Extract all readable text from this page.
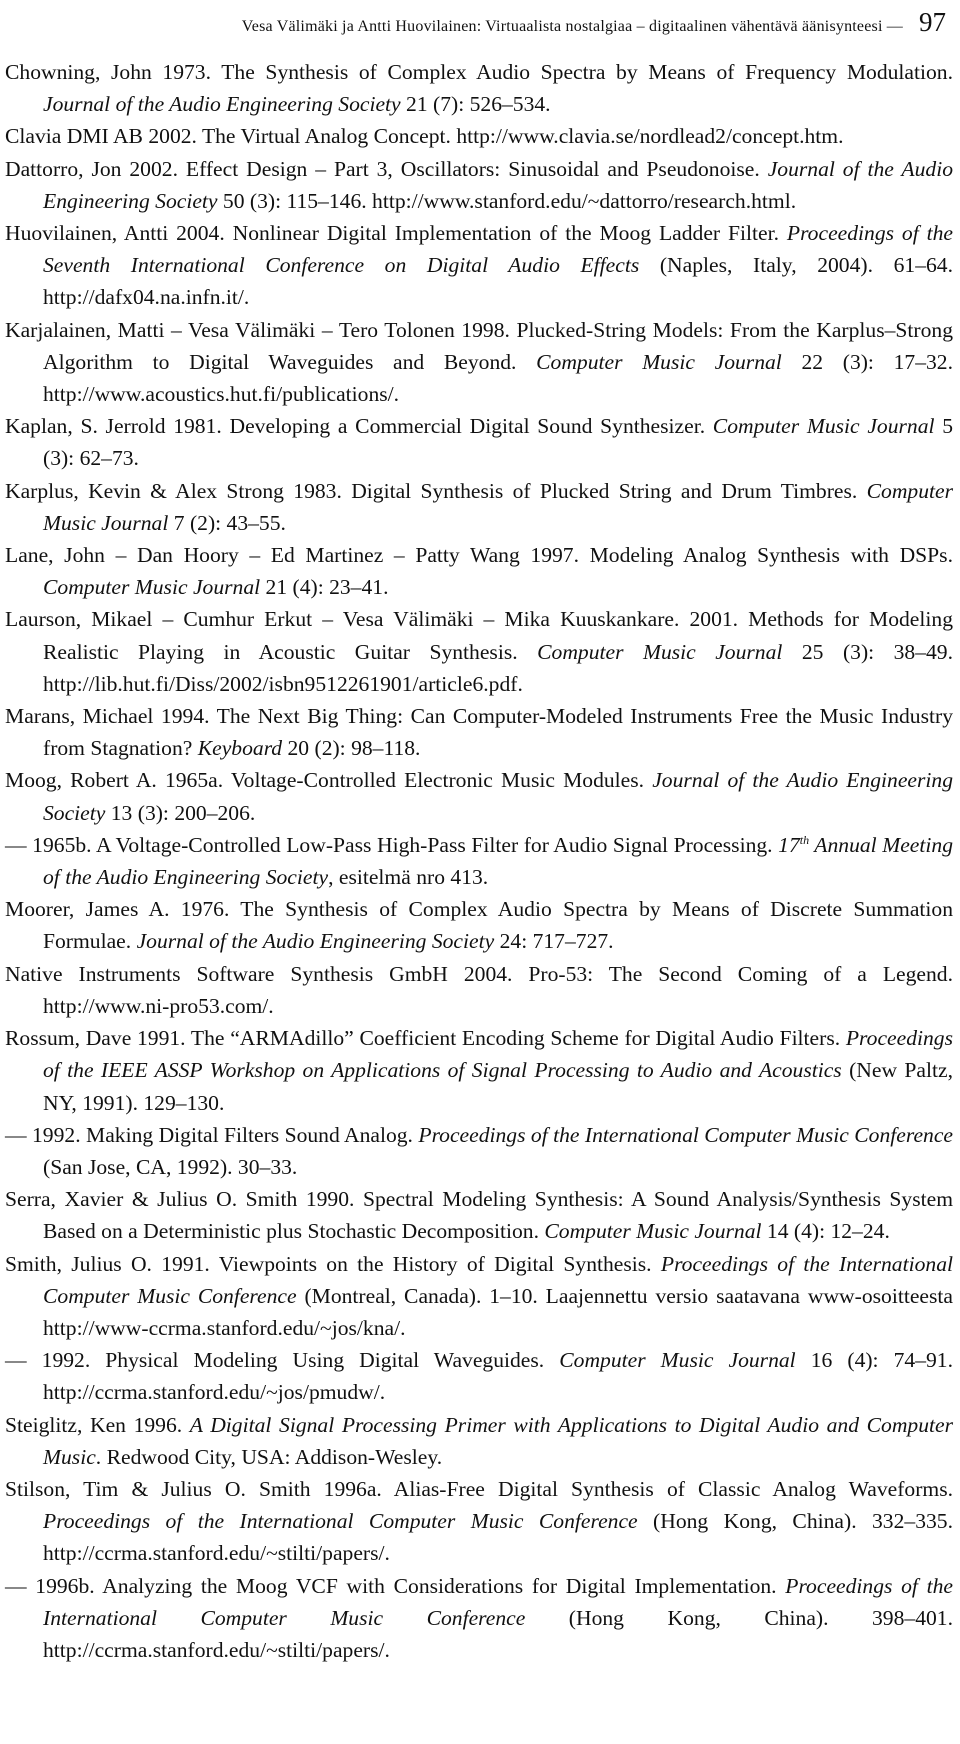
Vesa Välimäki ja Antti Huovilainen: Virtuaalista nostalgiaa – digitaalinen vähentävä äänisynteesi — 97

Chowning, John 1973. The Synthesis of Complex Audio Spectra by Means of Frequency Modulation. Journal of the Audio Engineering Society 21 (7): 526–534.

Clavia DMI AB 2002. The Virtual Analog Concept. http://www.clavia.se/nordlead2/concept.htm.

Dattorro, Jon 2002. Effect Design – Part 3, Oscillators: Sinusoidal and Pseudonoise. Journal of the Audio Engineering Society 50 (3): 115–146. http://www.stanford.edu/~dattorro/research.html.

Huovilainen, Antti 2004. Nonlinear Digital Implementation of the Moog Ladder Filter. Proceedings of the Seventh International Conference on Digital Audio Effects (Naples, Italy, 2004). 61–64. http://dafx04.na.infn.it/.

Karjalainen, Matti – Vesa Välimäki – Tero Tolonen 1998. Plucked-String Models: From the Karplus–Strong Algorithm to Digital Waveguides and Beyond. Computer Music Journal 22 (3): 17–32. http://www.acoustics.hut.fi/publications/.

Kaplan, S. Jerrold 1981. Developing a Commercial Digital Sound Synthesizer. Computer Music Journal 5 (3): 62–73.

Karplus, Kevin & Alex Strong 1983. Digital Synthesis of Plucked String and Drum Timbres. Computer Music Journal 7 (2): 43–55.

Lane, John – Dan Hoory – Ed Martinez – Patty Wang 1997. Modeling Analog Synthesis with DSPs. Computer Music Journal 21 (4): 23–41.

Laurson, Mikael – Cumhur Erkut – Vesa Välimäki – Mika Kuuskankare. 2001. Methods for Modeling Realistic Playing in Acoustic Guitar Synthesis. Computer Music Journal 25 (3): 38–49. http://lib.hut.fi/Diss/2002/isbn9512261901/article6.pdf.

Marans, Michael 1994. The Next Big Thing: Can Computer-Modeled Instruments Free the Music Industry from Stagnation? Keyboard 20 (2): 98–118.

Moog, Robert A. 1965a. Voltage-Controlled Electronic Music Modules. Journal of the Audio Engineering Society 13 (3): 200–206.

— 1965b. A Voltage-Controlled Low-Pass High-Pass Filter for Audio Signal Processing. 17th Annual Meeting of the Audio Engineering Society, esitelmä nro 413.

Moorer, James A. 1976. The Synthesis of Complex Audio Spectra by Means of Discrete Summation Formulae. Journal of the Audio Engineering Society 24: 717–727.

Native Instruments Software Synthesis GmbH 2004. Pro-53: The Second Coming of a Legend. http://www.ni-pro53.com/.

Rossum, Dave 1991. The “ARMAdillo” Coefficient Encoding Scheme for Digital Audio Filters. Proceedings of the IEEE ASSP Workshop on Applications of Signal Processing to Audio and Acoustics (New Paltz, NY, 1991). 129–130.

— 1992. Making Digital Filters Sound Analog. Proceedings of the International Computer Music Conference (San Jose, CA, 1992). 30–33.

Serra, Xavier & Julius O. Smith 1990. Spectral Modeling Synthesis: A Sound Analysis/Synthesis System Based on a Deterministic plus Stochastic Decomposition. Computer Music Journal 14 (4): 12–24.

Smith, Julius O. 1991. Viewpoints on the History of Digital Synthesis. Proceedings of the International Computer Music Conference (Montreal, Canada). 1–10. Laajennettu versio saatavana www-osoitteesta http://www-ccrma.stanford.edu/~jos/kna/.

— 1992. Physical Modeling Using Digital Waveguides. Computer Music Journal 16 (4): 74–91. http://ccrma.stanford.edu/~jos/pmudw/.

Steiglitz, Ken 1996. A Digital Signal Processing Primer with Applications to Digital Audio and Computer Music. Redwood City, USA: Addison-Wesley.

Stilson, Tim & Julius O. Smith 1996a. Alias-Free Digital Synthesis of Classic Analog Waveforms. Proceedings of the International Computer Music Conference (Hong Kong, China). 332–335. http://ccrma.stanford.edu/~stilti/papers/.

— 1996b. Analyzing the Moog VCF with Considerations for Digital Implementation. Proceedings of the International Computer Music Conference (Hong Kong, China). 398–401. http://ccrma.stanford.edu/~stilti/papers/.
